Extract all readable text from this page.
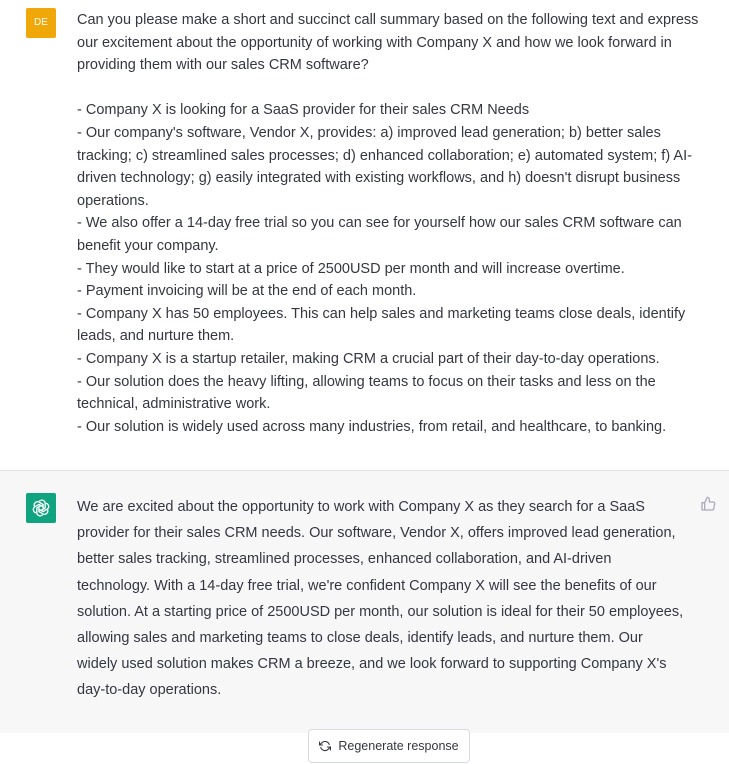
DE	Can you please make a short and succinct call summary based on the following text and express our excitement about the opportunity of working with Company X and how we look forward in providing them with our sales CRM software?

- Company X is looking for a SaaS provider for their sales CRM Needs

- Our company's software, Vendor X, provides: a) improved lead generation; b) better sales tracking; c) streamlined sales processes; d) enhanced collaboration; e) automated system; f) AI-driven technology; g) easily integrated with existing workflows, and h) doesn't disrupt business operations.

- We also offer a 14-day free trial so you can see for yourself how our sales CRM software can benefit your company.

- They would like to start at a price of 2500USD per month and will increase overtime.

- Payment invoicing will be at the end of each month.

- Company X has 50 employees. This can help sales and marketing teams close deals, identify leads, and nurture them.

- Company X is a startup retailer, making CRM a crucial part of their day-to-day operations.

- Our solution does the heavy lifting, allowing teams to focus on their tasks and less on the technical, administrative work.

- Our solution is widely used across many industries, from retail, and healthcare, to banking.

We are excited about the opportunity to work with Company X as they search for a SaaS provider for their sales CRM needs. Our software, Vendor X, offers improved lead generation, better sales tracking, streamlined processes, enhanced collaboration, and AI-driven technology. With a 14-day free trial, we're confident Company X will see the benefits of our solution. At a starting price of 2500USD per month, our solution is ideal for their 50 employees, allowing sales and marketing teams to close deals, identify leads, and nurture them. Our widely used solution makes CRM a breeze, and we look forward to supporting Company X's day-to-day operations.

Regenerate response
